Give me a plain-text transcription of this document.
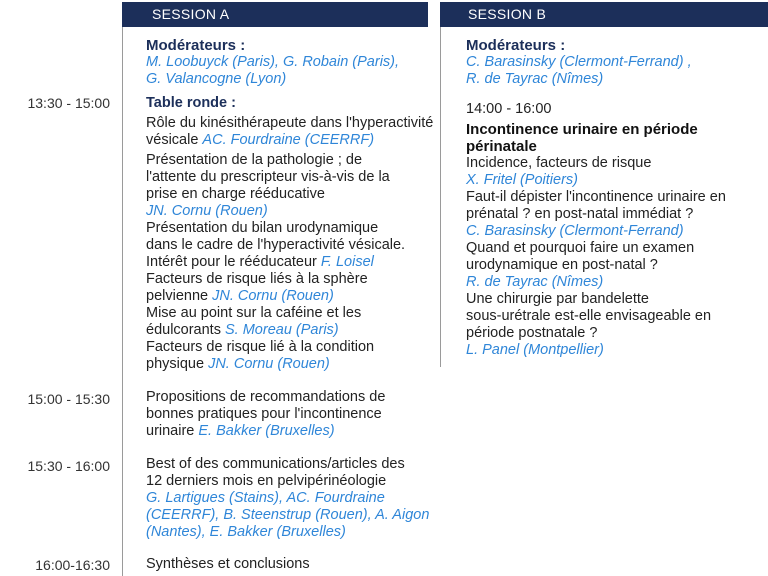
SESSION A	SESSION B

Modérateurs :

M. Loobuyck (Paris), G. Robain (Paris),

G. Valancogne (Lyon)

13:30 - 15:00 Table ronde :

Rôle du kinésithérapeute dans l'hyperactivité

vésicale AC. Fourdraine (CEERRF)

Présentation de la pathologie ; de

l'attente du prescripteur vis-à-vis de la

prise en charge rééducative

JN. Cornu (Rouen)

Présentation du bilan urodynamique

dans le cadre de l'hyperactivité vésicale.

Intérêt pour le rééducateur F. Loisel

Facteurs de risque liés à la sphère

pelvienne JN. Cornu (Rouen)

Mise au point sur la caféine et les

édulcorants S. Moreau (Paris)

Facteurs de risque lié à la condition

physique JN. Cornu (Rouen)

15:00 - 15:30 Propositions de recommandations de

bonnes pratiques pour l'incontinence

urinaire E. Bakker (Bruxelles)

15:30 - 16:00 Best of des communications/articles des

12 derniers mois en pelvipérinéologie

G. Lartigues (Stains), AC. Fourdraine

(CEERRF), B. Steenstrup (Rouen), A. Aigon

(Nantes), E. Bakker (Bruxelles)

16:00-16:30 Synthèses et conclusions

Modérateurs :

C. Barasinsky (Clermont-Ferrand) ,

R. de Tayrac (Nîmes)

14:00 - 16:00

Incontinence urinaire en période

périnatale

Incidence, facteurs de risque

X. Fritel (Poitiers)

Faut-il dépister l'incontinence urinaire en

prénatal ? en post-natal immédiat ?

C. Barasinsky (Clermont-Ferrand)

Quand et pourquoi faire un examen

urodynamique en post-natal ?

R. de Tayrac (Nîmes)

Une chirurgie par bandelette

sous-urétrale est-elle envisageable en

période postnatale ?

L. Panel (Montpellier)
